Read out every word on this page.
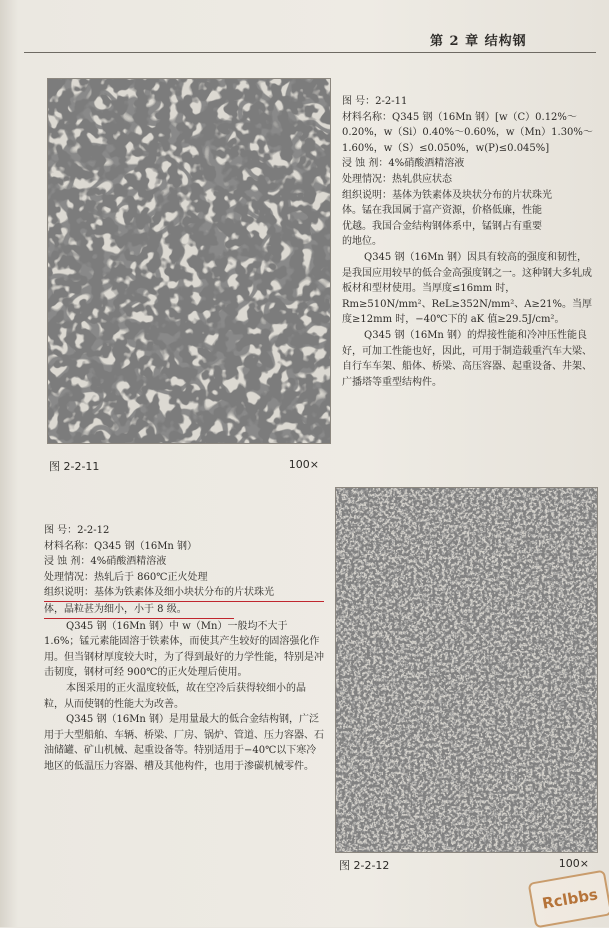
第 2 章 结构钢
图 2-2-11	100×

图 号：2-2-11

材料名称：Q345 钢（16Mn 钢）[w（C）0.12%～

0.20%，w（Si）0.40%～0.60%，w（Mn）1.30%～

1.60%，w（S）≤0.050%，w(P)≤0.045%]

浸 蚀 剂：4%硝酸酒精溶液

处理情况：热轧供应状态

组织说明：基体为铁素体及块状分布的片状珠光

体。锰在我国属于富产资源，价格低廉，性能

优越。我国合金结构钢体系中，锰钢占有重要

的地位。

Q345 钢（16Mn 钢）因具有较高的强度和韧性，是我国应用较早的低合金高强度钢之一。这种钢大多轧成板材和型材使用。当厚度≤16mm 时，Rm≥510N/mm²、ReL≥352N/mm²、A≥21%。当厚度≥12mm 时，−40℃下的 aK 值≥29.5J/cm²。

Q345 钢（16Mn 钢）的焊接性能和冷冲压性能良好，可加工性能也好，因此，可用于制造载重汽车大梁、自行车车架、船体、桥梁、高压容器、起重设备、井架、广播塔等重型结构件。

图 号：2-2-12

材料名称：Q345 钢（16Mn 钢）

浸 蚀 剂：4%硝酸酒精溶液

处理情况：热轧后于 860℃正火处理

组织说明：基体为铁素体及细小块状分布的片状珠光

体，晶粒甚为细小，小于 8 级。

Q345 钢（16Mn 钢）中 w（Mn）一般均不大于 1.6%；锰元素能固溶于铁素体，而使其产生较好的固溶强化作用。但当钢材厚度较大时，为了得到最好的力学性能，特别是冲击韧度，钢材可经 900℃的正火处理后使用。

本图采用的正火温度较低，故在空冷后获得较细小的晶粒，从而使钢的性能大为改善。

Q345 钢（16Mn 钢）是用量最大的低合金结构钢，广泛用于大型船舶、车辆、桥梁、厂房、锅炉、管道、压力容器、石油储罐、矿山机械、起重设备等。特别适用于−40℃以下寒冷地区的低温压力容器、槽及其他构件，也用于渗碳机械零件。

图 2-2-12	100×
Rclbbs
